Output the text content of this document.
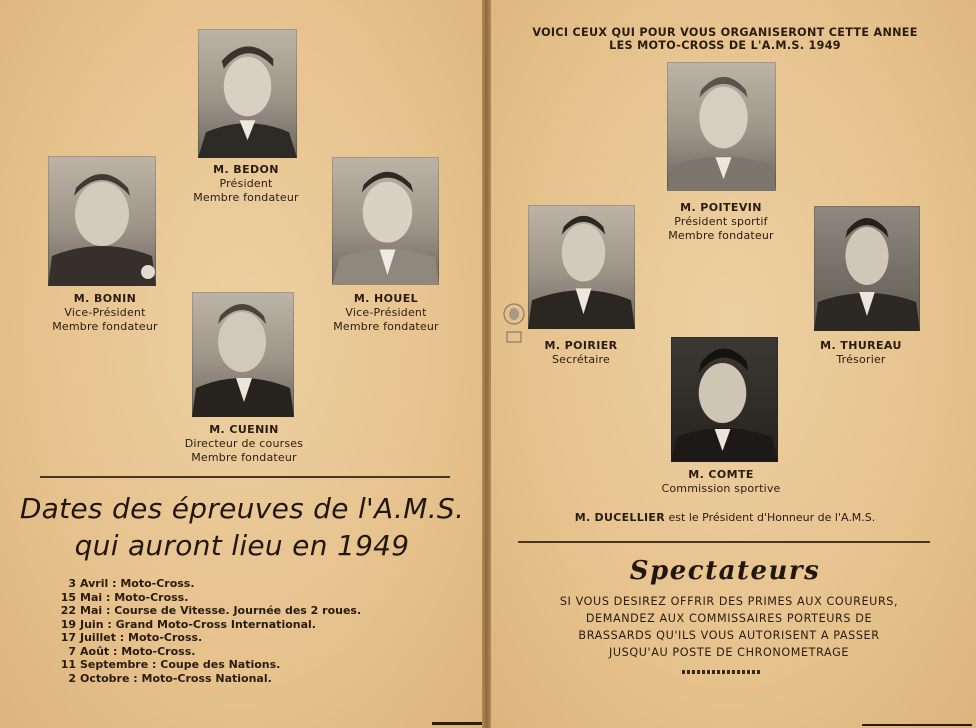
M. BEDON
Président
Membre fondateur
M. BONIN
Vice-Président
Membre fondateur
M. HOUEL
Vice-Président
Membre fondateur
M. CUENIN
Directeur de courses
Membre fondateur
Dates des épreuves de l'A.M.S.
qui auront lieu en 1949
3 Avril : Moto-Cross.
15 Mai : Moto-Cross.
22 Mai : Course de Vitesse. Journée des 2 roues.
19 Juin : Grand Moto-Cross International.
17 Juillet : Moto-Cross.
7 Août : Moto-Cross.
11 Septembre : Coupe des Nations.
2 Octobre : Moto-Cross National.
VOICI CEUX QUI POUR VOUS ORGANISERONT CETTE ANNEE
LES MOTO-CROSS DE L'A.M.S. 1949
M. POITEVIN
Président sportif
Membre fondateur
M. POIRIER
Secrétaire
M. THUREAU
Trésorier
M. COMTE
Commission sportive
M. DUCELLIER est le Président d'Honneur de l'A.M.S.
Spectateurs
SI VOUS DESIREZ OFFRIR DES PRIMES AUX COUREURS,
DEMANDEZ AUX COMMISSAIRES PORTEURS DE
BRASSARDS QU'ILS VOUS AUTORISENT A PASSER
JUSQU'AU POSTE DE CHRONOMETRAGE
